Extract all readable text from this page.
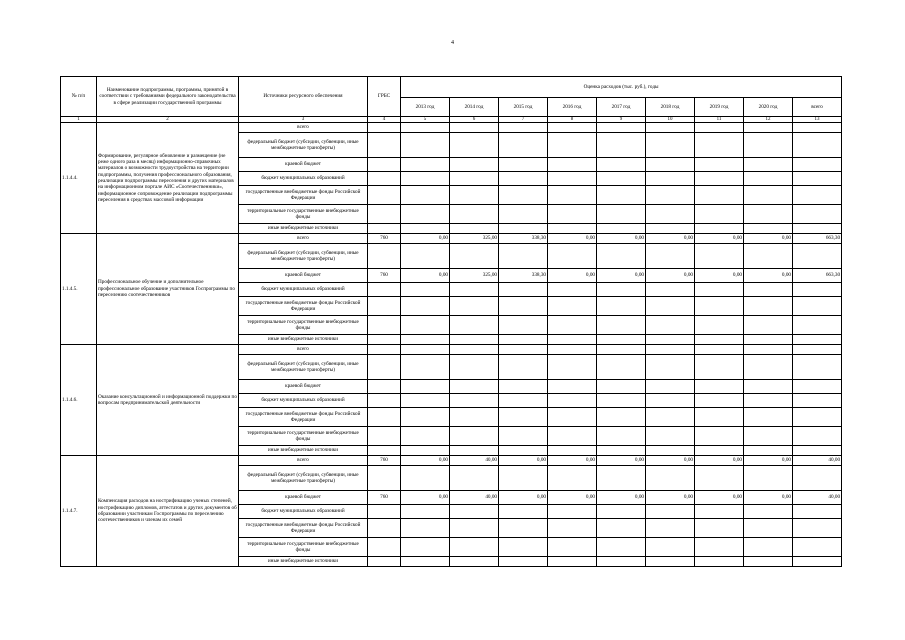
4
№ п/п	Наименование подпрограммы, программы, принятой в соответствии с требованиями федерального законодательства в сфере реализации государственной программы	Источники ресурсного обеспечения	ГРБС	Оценка расходов (тыс. руб.), годы								
				2013 год	2014 год	2015 год	2016 год	2017 год	2018 год	2019 год	2020 год	всего
1	2	3	4	5	6	7	8	9	10	11	12	13
1.1.4.4.	Формирование, регулярное обновление и размещение (не реже одного раза в месяц) информационно-справочных материалов о возможности трудоустройства на территории подпрограммы, получения профессионального образования, реализации подпрограммы переселения и других материалов на информационном портале АИС «Соотечественники», информационное сопровождение реализации подпрограммы переселения в средствах массовой информации	всего										
		федеральный бюджет (субсидии, субвенции, иные межбюджетные трансферты)										
		краевой бюджет										
		бюджет муниципальных образований										
		государственные внебюджетные фонды Российской Федерации										
		территориальные государственные внебюджетные фонды										
		иные внебюджетные источники										
1.1.4.5.	Профессиональное обучение и дополнительное профессиональное образование участников Госпрограммы по переселению соотечественников	всего	760	0,00	325,00	338,30	0,00	0,00	0,00	0,00	0,00	663,30
		федеральный бюджет (субсидии, субвенции, иные межбюджетные трансферты)										
		краевой бюджет	760	0,00	325,00	338,30	0,00	0,00	0,00	0,00	0,00	663,30
		бюджет муниципальных образований										
		государственные внебюджетные фонды Российской Федерации										
		территориальные государственные внебюджетные фонды										
		иные внебюджетные источники										
1.1.4.6.	Оказание консультационной и информационной поддержки по вопросам предпринимательской деятельности	всего										
		федеральный бюджет (субсидии, субвенции, иные межбюджетные трансферты)										
		краевой бюджет										
		бюджет муниципальных образований										
		государственные внебюджетные фонды Российской Федерации										
		территориальные государственные внебюджетные фонды										
		иные внебюджетные источники										
1.1.4.7.	Компенсация расходов на нострификацию ученых степеней, нострификацию дипломов, аттестатов и других документов об образовании участникам Госпрограммы по переселению соотечественников и членам их семей	всего	760	0,00	40,00	0,00	0,00	0,00	0,00	0,00	0,00	40,00
		федеральный бюджет (субсидии, субвенции, иные межбюджетные трансферты)										
		краевой бюджет	760	0,00	40,00	0,00	0,00	0,00	0,00	0,00	0,00	40,00
		бюджет муниципальных образований										
		государственные внебюджетные фонды Российской Федерации										
		территориальные государственные внебюджетные фонды										
		иные внебюджетные источники										
